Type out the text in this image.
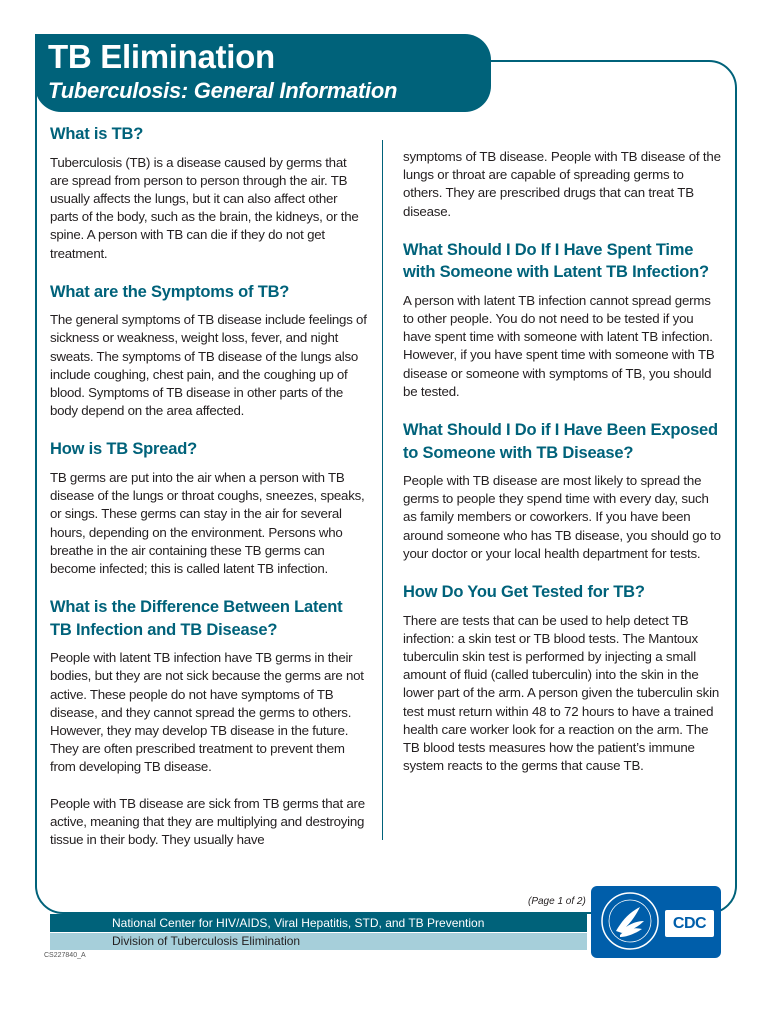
TB Elimination
Tuberculosis: General Information
What is TB?

Tuberculosis (TB) is a disease caused by germs that are spread from person to person through the air. TB usually affects the lungs, but it can also affect other parts of the body, such as the brain, the kidneys, or the spine. A person with TB can die if they do not get treatment.

What are the Symptoms of TB?

The general symptoms of TB disease include feelings of sickness or weakness, weight loss, fever, and night sweats. The symptoms of TB disease of the lungs also include coughing, chest pain, and the coughing up of blood. Symptoms of TB disease in other parts of the body depend on the area affected.

How is TB Spread?

TB germs are put into the air when a person with TB disease of the lungs or throat coughs, sneezes, speaks, or sings. These germs can stay in the air for several hours, depending on the environment. Persons who breathe in the air containing these TB germs can become infected; this is called latent TB infection.

What is the Difference Between Latent TB Infection and TB Disease?

People with latent TB infection have TB germs in their bodies, but they are not sick because the germs are not active. These people do not have symptoms of TB disease, and they cannot spread the germs to others. However, they may develop TB disease in the future. They are often prescribed treatment to prevent them from developing TB disease.

People with TB disease are sick from TB germs that are active, meaning that they are multiplying and destroying tissue in their body. They usually have

symptoms of TB disease. People with TB disease of the lungs or throat are capable of spreading germs to others. They are prescribed drugs that can treat TB disease.

What Should I Do If I Have Spent Time with Someone with Latent TB Infection?

A person with latent TB infection cannot spread germs to other people. You do not need to be tested if you have spent time with someone with latent TB infection. However, if you have spent time with someone with TB disease or someone with symptoms of TB, you should be tested.

What Should I Do if I Have Been Exposed to Someone with TB Disease?

People with TB disease are most likely to spread the germs to people they spend time with every day, such as family members or coworkers. If you have been around someone who has TB disease, you should go to your doctor or your local health department for tests.

How Do You Get Tested for TB?

There are tests that can be used to help detect TB infection: a skin test or TB blood tests. The Mantoux tuberculin skin test is performed by injecting a small amount of fluid (called tuberculin) into the skin in the lower part of the arm. A person given the tuberculin skin test must return within 48 to 72 hours to have a trained health care worker look for a reaction on the arm. The TB blood tests measures how the patient’s immune system reacts to the germs that cause TB.

(Page 1 of 2)
National Center for HIV/AIDS, Viral Hepatitis, STD, and TB Prevention
Division of Tuberculosis Elimination
CS227840_A
CDC
